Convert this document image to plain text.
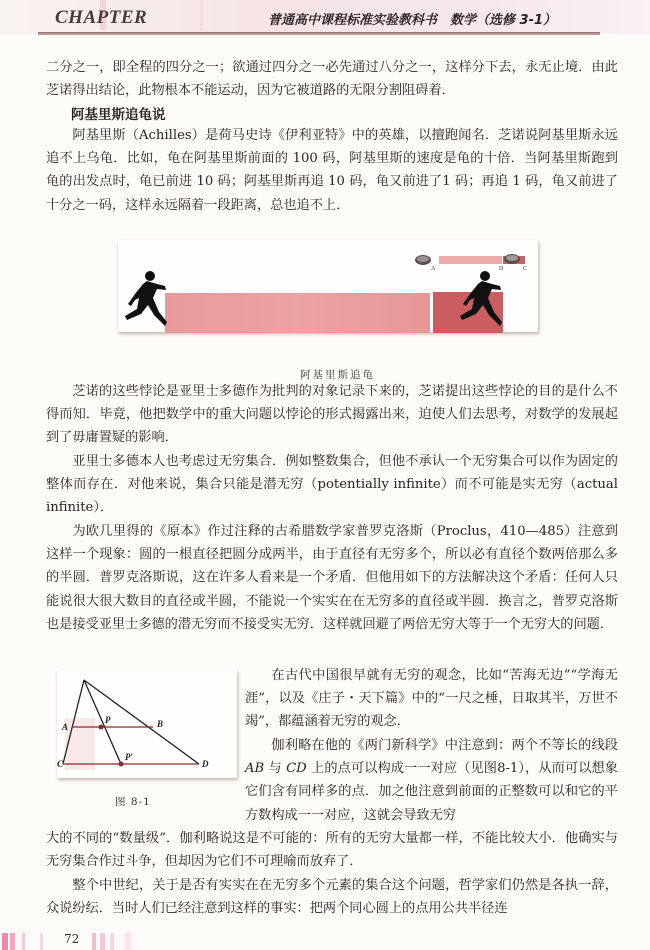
CHAPTER	普通高中课程标准实验教科书　数学（选修 3-1）

二分之一，即全程的四分之一；欲通过四分之一必先通过八分之一，这样分下去，永无止境．由此芝诺得出结论，此物根本不能运动，因为它被道路的无限分割阻碍着．

阿基里斯追龟说

阿基里斯（Achilles）是荷马史诗《伊利亚特》中的英雄，以擅跑闻名．芝诺说阿基里斯永远追不上乌龟．比如，龟在阿基里斯前面的 100 码，阿基里斯的速度是龟的十倍．当阿基里斯跑到龟的出发点时，龟已前进 10 码；阿基里斯再追 10 码，龟又前进了1 码；再追 1 码，龟又前进了十分之一码，这样永远隔着一段距离，总也追不上．

A	D	C
阿基里斯追龟

芝诺的这些悖论是亚里士多德作为批判的对象记录下来的，芝诺提出这些悖论的目的是什么不得而知．毕竟，他把数学中的重大问题以悖论的形式揭露出来，迫使人们去思考，对数学的发展起到了毋庸置疑的影响．

亚里士多德本人也考虑过无穷集合．例如整数集合，但他不承认一个无穷集合可以作为固定的整体而存在．对他来说，集合只能是潜无穷（potentially infinite）而不可能是实无穷（actual infinite）．

为欧几里得的《原本》作过注释的古希腊数学家普罗克洛斯（Proclus，410—485）注意到这样一个现象：圆的一根直径把圆分成两半，由于直径有无穷多个，所以必有直径个数两倍那么多的半圆．普罗克洛斯说，这在许多人看来是一个矛盾．但他用如下的方法解决这个矛盾：任何人只能说很大很大数目的直径或半圆，不能说一个实实在在无穷多的直径或半圆．换言之，普罗克洛斯也是接受亚里士多德的潜无穷而不接受实无穷．这样就回避了两倍无穷大等于一个无穷大的问题．

A
P	B
C
P′
D
图 8-1

在古代中国很早就有无穷的观念，比如“苦海无边”“学海无涯”，以及《庄子・天下篇》中的“一尺之棰，日取其半，万世不竭”，都蕴涵着无穷的观念．

伽利略在他的《两门新科学》中注意到：两个不等长的线段 AB 与 CD 上的点可以构成一一对应（见图8-1），从而可以想象它们含有同样多的点．加之他注意到前面的正整数可以和它的平方数构成一一对应，这就会导致无穷

大的不同的“数量级”．伽利略说这是不可能的：所有的无穷大量都一样，不能比较大小．他确实与无穷集合作过斗争，但却因为它们不可理喻而放弃了．

整个中世纪，关于是否有实实在在无穷多个元素的集合这个问题，哲学家们仍然是各执一辞，众说纷纭．当时人们已经注意到这样的事实：把两个同心圆上的点用公共半径连

72
